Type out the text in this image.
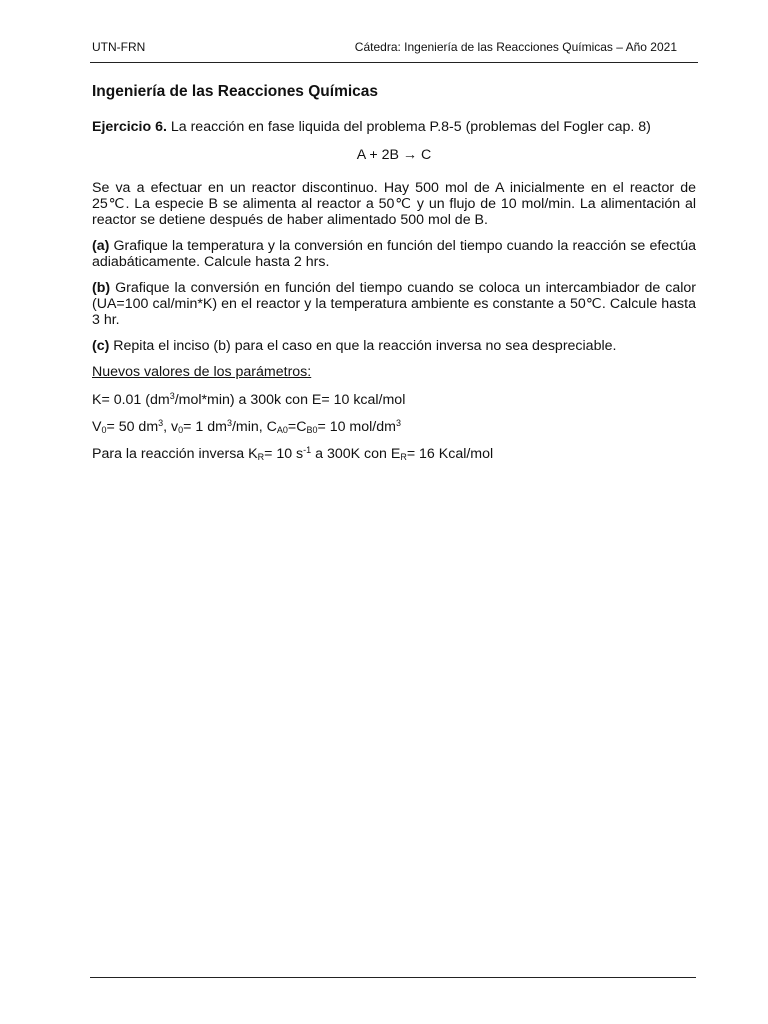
UTN-FRN	Cátedra: Ingeniería de las Reacciones Químicas – Año 2021
Ingeniería de las Reacciones Químicas

Ejercicio 6. La reacción en fase liquida del problema P.8-5 (problemas del Fogler cap. 8)

A + 2B → C

Se va a efectuar en un reactor discontinuo. Hay 500 mol de A inicialmente en el reactor de 25℃. La especie B se alimenta al reactor a 50℃ y un flujo de 10 mol/min. La alimentación al reactor se detiene después de haber alimentado 500 mol de B.

(a) Grafique la temperatura y la conversión en función del tiempo cuando la reacción se efectúa adiabáticamente. Calcule hasta 2 hrs.

(b) Grafique la conversión en función del tiempo cuando se coloca un intercambiador de calor (UA=100 cal/min*K) en el reactor y la temperatura ambiente es constante a 50℃. Calcule hasta 3 hr.

(c) Repita el inciso (b) para el caso en que la reacción inversa no sea despreciable.

Nuevos valores de los parámetros:

K= 0.01 $(dm^3/mol*\min)$ a 300k con E= 10 kcal/mol

$V_0= 50$ $dm^3$, $v_0= 1$ $dm^3/\min$, $C_{A0}=C_{B0}= 10$ mol/$dm^3$

Para la reacción inversa $K_R= 10$ $s^{-1}$ a 300K con $E_R= 16$ Kcal/mol
